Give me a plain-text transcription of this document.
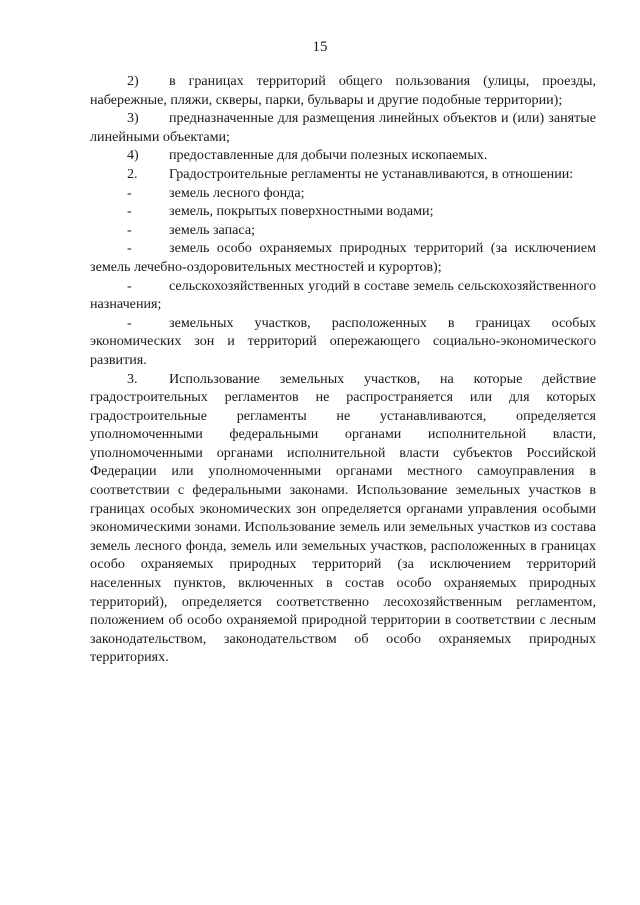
15

2) в границах территорий общего пользования (улицы, проезды, набережные, пляжи, скверы, парки, бульвары и другие подобные территории);

3) предназначенные для размещения линейных объектов и (или) занятые линейными объектами;

4) предоставленные для добычи полезных ископаемых.

2. Градостроительные регламенты не устанавливаются, в отношении:

-	земель лесного фонда;

-	земель, покрытых поверхностными водами;

-	земель запаса;

-	земель особо охраняемых природных территорий (за исключением земель лечебно-оздоровительных местностей и курортов);

-	сельскохозяйственных угодий в составе земель сельскохозяйственного назначения;

-	земельных участков, расположенных в границах особых экономических зон и территорий опережающего социально-экономического развития.

3. Использование земельных участков, на которые действие градостроительных регламентов не распространяется или для которых градостроительные регламенты не устанавливаются, определяется уполномоченными федеральными органами исполнительной власти, уполномоченными органами исполнительной власти субъектов Российской Федерации или уполномоченными органами местного самоуправления в соответствии с федеральными законами. Использование земельных участков в границах особых экономических зон определяется органами управления особыми экономическими зонами. Использование земель или земельных участков из состава земель лесного фонда, земель или земельных участков, расположенных в границах особо охраняемых природных территорий (за исключением территорий населенных пунктов, включенных в состав особо охраняемых природных территорий), определяется соответственно лесохозяйственным регламентом, положением об особо охраняемой природной территории в соответствии с лесным законодательством, законодательством об особо охраняемых природных территориях.
